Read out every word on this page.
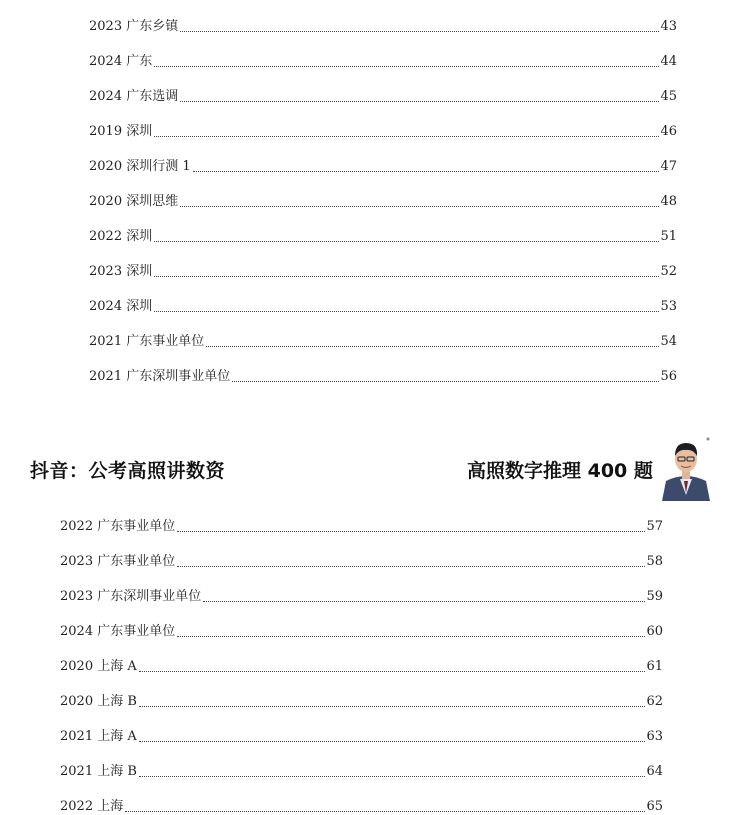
2023 广东乡镇	43
2024 广东	44
2024 广东选调	45
2019 深圳	46
2020 深圳行测 1	47
2020 深圳思维	48
2022 深圳	51
2023 深圳	52
2024 深圳	53
2021 广东事业单位	54
2021 广东深圳事业单位	56
抖音：公考高照讲数资	高照数字推理 400 题
2022 广东事业单位	57
2023 广东事业单位	58
2023 广东深圳事业单位	59
2024 广东事业单位	60
2020 上海 A	61
2020 上海 B	62
2021 上海 A	63
2021 上海 B	64
2022 上海	65
